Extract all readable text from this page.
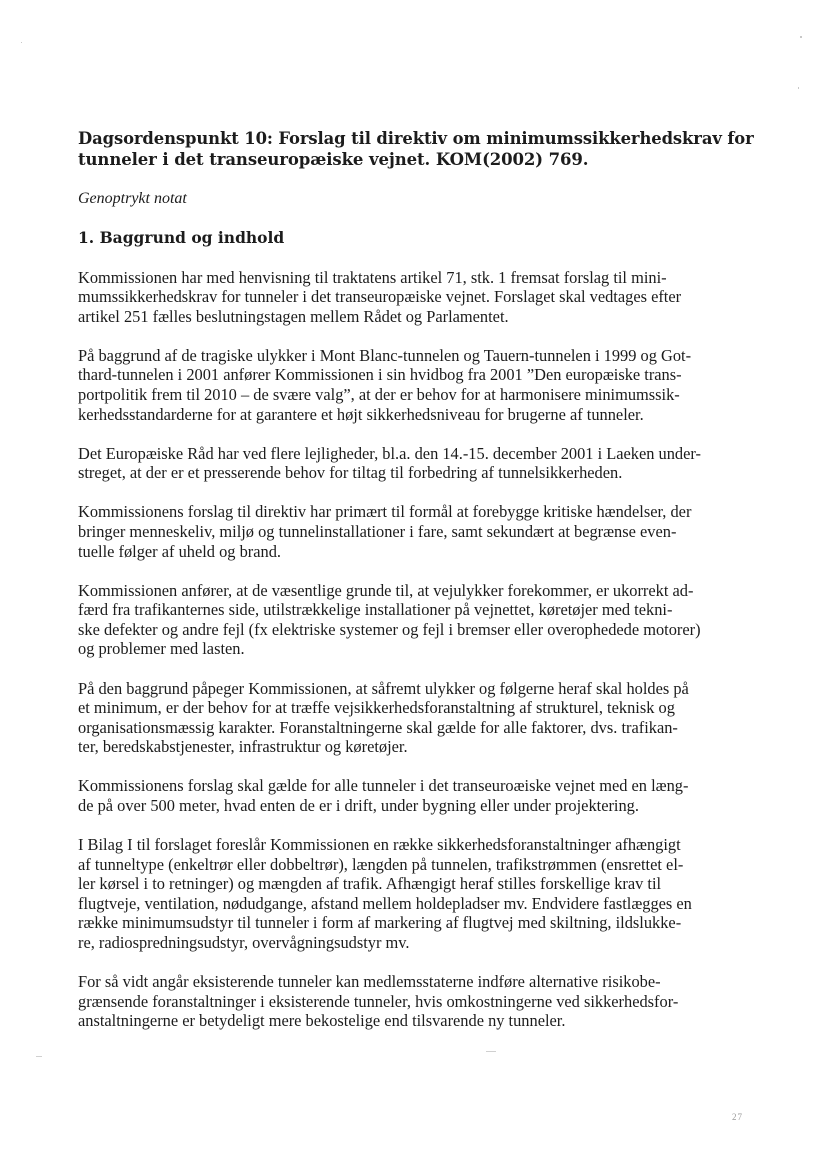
Dagsordenspunkt 10: Forslag til direktiv om minimumssikkerhedskrav for
tunneler i det transeuropæiske vejnet. KOM(2002) 769.

Genoptrykt notat

1. Baggrund og indhold

Kommissionen har med henvisning til traktatens artikel 71, stk. 1 fremsat forslag til mini-
mumssikkerhedskrav for tunneler i det transeuropæiske vejnet. Forslaget skal vedtages efter
artikel 251 fælles beslutningstagen mellem Rådet og Parlamentet.

På baggrund af de tragiske ulykker i Mont Blanc-tunnelen og Tauern-tunnelen i 1999 og Got-
thard-tunnelen i 2001 anfører Kommissionen i sin hvidbog fra 2001 ”Den europæiske trans-
portpolitik frem til 2010 – de svære valg”, at der er behov for at harmonisere minimumssik-
kerhedsstandarderne for at garantere et højt sikkerhedsniveau for brugerne af tunneler.

Det Europæiske Råd har ved flere lejligheder, bl.a. den 14.-15. december 2001 i Laeken under-
streget, at der er et presserende behov for tiltag til forbedring af tunnelsikkerheden.

Kommissionens forslag til direktiv har primært til formål at forebygge kritiske hændelser, der
bringer menneskeliv, miljø og tunnelinstallationer i fare, samt sekundært at begrænse even-
tuelle følger af uheld og brand.

Kommissionen anfører, at de væsentlige grunde til, at vejulykker forekommer, er ukorrekt ad-
færd fra trafikanternes side, utilstrækkelige installationer på vejnettet, køretøjer med tekni-
ske defekter og andre fejl (fx elektriske systemer og fejl i bremser eller overophedede motorer)
og problemer med lasten.

På den baggrund påpeger Kommissionen, at såfremt ulykker og følgerne heraf skal holdes på
et minimum, er der behov for at træffe vejsikkerhedsforanstaltning af strukturel, teknisk og
organisationsmæssig karakter. Foranstaltningerne skal gælde for alle faktorer, dvs. trafikan-
ter, beredskabstjenester, infrastruktur og køretøjer.

Kommissionens forslag skal gælde for alle tunneler i det transeuroæiske vejnet med en læng-
de på over 500 meter, hvad enten de er i drift, under bygning eller under projektering.

I Bilag I til forslaget foreslår Kommissionen en række sikkerhedsforanstaltninger afhængigt
af tunneltype (enkeltrør eller dobbeltrør), længden på tunnelen, trafikstrømmen (ensrettet el-
ler kørsel i to retninger) og mængden af trafik. Afhængigt heraf stilles forskellige krav til
flugtveje, ventilation, nødudgange, afstand mellem holdepladser mv. Endvidere fastlægges en
række minimumsudstyr til tunneler i form af markering af flugtvej med skiltning, ildslukke-
re, radiospredningsudstyr, overvågningsudstyr mv.

For så vidt angår eksisterende tunneler kan medlemsstaterne indføre alternative risikobe-
grænsende foranstaltninger i eksisterende tunneler, hvis omkostningerne ved sikkerhedsfor-
anstaltningerne er betydeligt mere bekostelige end tilsvarende ny tunneler.

27
